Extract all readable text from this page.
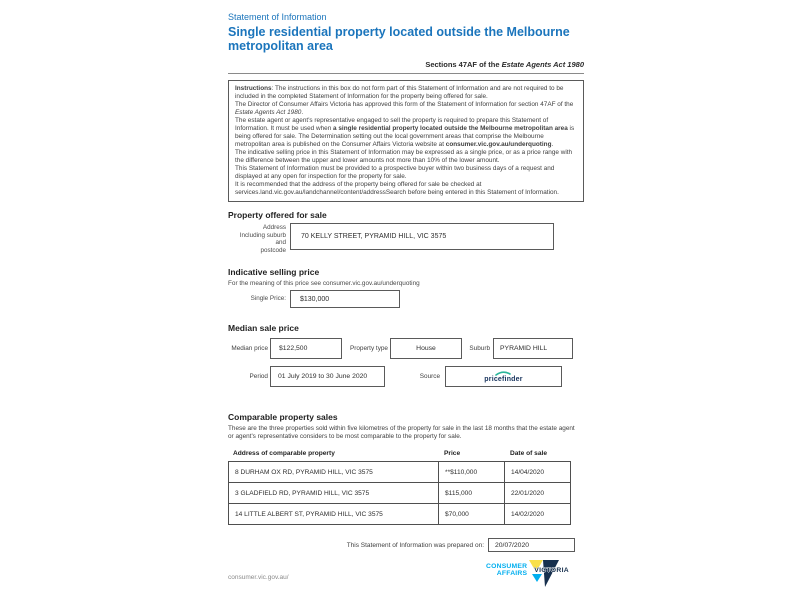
Statement of Information
Single residential property located outside the Melbourne metropolitan area
Sections 47AF of the Estate Agents Act 1980
Instructions: The instructions in this box do not form part of this Statement of Information and are not required to be included in the completed Statement of Information for the property being offered for sale.
The Director of Consumer Affairs Victoria has approved this form of the Statement of Information for section 47AF of the Estate Agents Act 1980.
The estate agent or agent's representative engaged to sell the property is required to prepare this Statement of Information. It must be used when a single residential property located outside the Melbourne metropolitan area is being offered for sale. The Determination setting out the local government areas that comprise the Melbourne metropolitan area is published on the Consumer Affairs Victoria website at consumer.vic.gov.au/underquoting.
The indicative selling price in this Statement of Information may be expressed as a single price, or as a price range with the difference between the upper and lower amounts not more than 10% of the lower amount.
This Statement of Information must be provided to a prospective buyer within two business days of a request and displayed at any open for inspection for the property for sale.
It is recommended that the address of the property being offered for sale be checked at services.land.vic.gov.au/landchannel/content/addressSearch before being entered in this Statement of Information.
Property offered for sale
Address
Including suburb and
postcode
70 KELLY STREET, PYRAMID HILL, VIC 3575
Indicative selling price
For the meaning of this price see consumer.vic.gov.au/underquoting
Single Price:	$130,000
Median sale price
Median price $122,500	Property type	House	Suburb PYRAMID HILL
Period 01 July 2019 to 30 June 2020	Source	pricefinder
Comparable property sales
These are the three properties sold within five kilometres of the property for sale in the last 18 months that the estate agent or agent's representative considers to be most comparable to the property for sale.
Address of comparable property	Price	Date of sale
8 DURHAM OX RD, PYRAMID HILL, VIC 3575	**$110,000	14/04/2020
3 GLADFIELD RD, PYRAMID HILL, VIC 3575	$115,000	22/01/2020
14 LITTLE ALBERT ST, PYRAMID HILL, VIC 3575	$70,000	14/02/2020
This Statement of Information was prepared on: 20/07/2020
CONSUMER
AFFAIRS VICTORIA
consumer.vic.gov.au/
